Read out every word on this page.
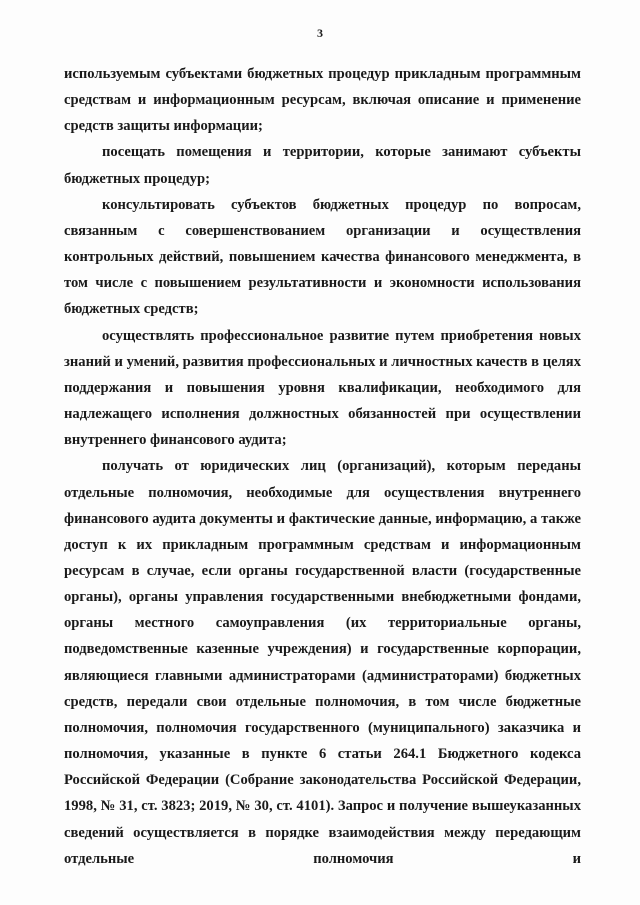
3

используемым субъектами бюджетных процедур прикладным программным средствам и информационным ресурсам, включая описание и применение средств защиты информации;

посещать помещения и территории, которые занимают субъекты бюджетных процедур;

консультировать субъектов бюджетных процедур по вопросам, связанным с совершенствованием организации и осуществления контрольных действий, повышением качества финансового менеджмента, в том числе с повышением результативности и экономности использования бюджетных средств;

осуществлять профессиональное развитие путем приобретения новых знаний и умений, развития профессиональных и личностных качеств в целях поддержания и повышения уровня квалификации, необходимого для надлежащего исполнения должностных обязанностей при осуществлении внутреннего финансового аудита;

получать от юридических лиц (организаций), которым переданы отдельные полномочия, необходимые для осуществления внутреннего финансового аудита документы и фактические данные, информацию, а также доступ к их прикладным программным средствам и информационным ресурсам в случае, если органы государственной власти (государственные органы), органы управления государственными внебюджетными фондами, органы местного самоуправления (их территориальные органы, подведомственные казенные учреждения) и государственные корпорации, являющиеся главными администраторами (администраторами) бюджетных средств, передали свои отдельные полномочия, в том числе бюджетные полномочия, полномочия государственного (муниципального) заказчика и полномочия, указанные в пункте 6 статьи 264.1 Бюджетного кодекса Российской Федерации (Собрание законодательства Российской Федерации, 1998, № 31, ст. 3823; 2019, № 30, ст. 4101). Запрос и получение вышеуказанных сведений осуществляется в порядке взаимодействия между передающим отдельные полномочия и
